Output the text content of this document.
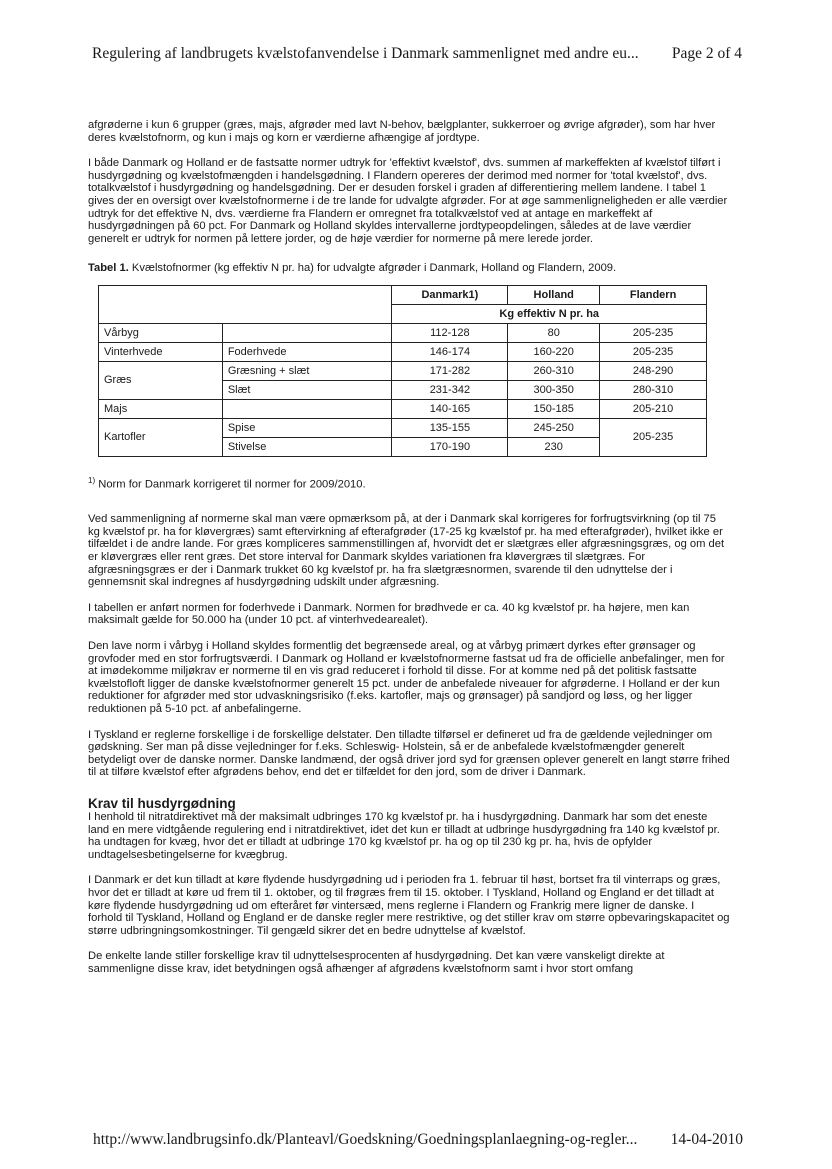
Regulering af landbrugets kvælstofanvendelse i Danmark sammenlignet med andre eu... Page 2 of 4

afgrøderne i kun 6 grupper (græs, majs, afgrøder med lavt N-behov, bælgplanter, sukkerroer og øvrige afgrøder), som har hver deres kvælstofnorm, og kun i majs og korn er værdierne afhængige af jordtype.

I både Danmark og Holland er de fastsatte normer udtryk for 'effektivt kvælstof', dvs. summen af markeffekten af kvælstof tilført i husdyrgødning og kvælstofmængden i handelsgødning. I Flandern opereres der derimod med normer for 'total kvælstof', dvs. totalkvælstof i husdyrgødning og handelsgødning. Der er desuden forskel i graden af differentiering mellem landene. I tabel 1 gives der en oversigt over kvælstofnormerne i de tre lande for udvalgte afgrøder. For at øge sammenligneligheden er alle værdier udtryk for det effektive N, dvs. værdierne fra Flandern er omregnet fra totalkvælstof ved at antage en markeffekt af husdyrgødningen på 60 pct. For Danmark og Holland skyldes intervallerne jordtypeopdelingen, således at de lave værdier generelt er udtryk for normen på lettere jorder, og de høje værdier for normerne på mere lerede jorder.

Tabel 1. Kvælstofnormer (kg effektiv N pr. ha) for udvalgte afgrøder i Danmark, Holland og Flandern, 2009.
		Danmark1)	Holland	Flandern
		Kg effektiv N pr. ha		
Vårbyg		112-128	80	205-235
Vinterhvede	Foderhvede	146-174	160-220	205-235
Græs	Græsning + slæt	171-282	260-310	248-290
	Slæt	231-342	300-350	280-310
Majs		140-165	150-185	205-210
Kartofler	Spise	135-155	245-250	205-235
	Stivelse	170-190	230	
$^{1)}$ Norm for Danmark korrigeret til normer for 2009/2010.

Ved sammenligning af normerne skal man være opmærksom på, at der i Danmark skal korrigeres for forfrugtsvirkning (op til 75 kg kvælstof pr. ha for kløvergræs) samt eftervirkning af efterafgrøder (17-25 kg kvælstof pr. ha med efterafgrøder), hvilket ikke er tilfældet i de andre lande. For græs kompliceres sammenstillingen af, hvorvidt det er slætgræs eller afgræsningsgræs, og om det er kløvergræs eller rent græs. Det store interval for Danmark skyldes variationen fra kløvergræs til slætgræs. For afgræsningsgræs er der i Danmark trukket 60 kg kvælstof pr. ha fra slætgræsnormen, svarende til den udnyttelse der i gennemsnit skal indregnes af husdyrgødning udskilt under afgræsning.

I tabellen er anført normen for foderhvede i Danmark. Normen for brødhvede er ca. 40 kg kvælstof pr. ha højere, men kan maksimalt gælde for 50.000 ha (under 10 pct. af vinterhvedearealet).

Den lave norm i vårbyg i Holland skyldes formentlig det begrænsede areal, og at vårbyg primært dyrkes efter grønsager og grovfoder med en stor forfrugtsværdi. I Danmark og Holland er kvælstofnormerne fastsat ud fra de officielle anbefalinger, men for at imødekomme miljøkrav er normerne til en vis grad reduceret i forhold til disse. For at komme ned på det politisk fastsatte kvælstofloft ligger de danske kvælstofnormer generelt 15 pct. under de anbefalede niveauer for afgrøderne. I Holland er der kun reduktioner for afgrøder med stor udvaskningsrisiko (f.eks. kartofler, majs og grønsager) på sandjord og løss, og her ligger reduktionen på 5-10 pct. af anbefalingerne.

I Tyskland er reglerne forskellige i de forskellige delstater. Den tilladte tilførsel er defineret ud fra de gældende vejledninger om gødskning. Ser man på disse vejledninger for f.eks. Schleswig- Holstein, så er de anbefalede kvælstofmængder generelt betydeligt over de danske normer. Danske landmænd, der også driver jord syd for grænsen oplever generelt en langt større frihed til at tilføre kvælstof efter afgrødens behov, end det er tilfældet for den jord, som de driver i Danmark.

Krav til husdyrgødning

I henhold til nitratdirektivet må der maksimalt udbringes 170 kg kvælstof pr. ha i husdyrgødning. Danmark har som det eneste land en mere vidtgående regulering end i nitratdirektivet, idet det kun er tilladt at udbringe husdyrgødning fra 140 kg kvælstof pr. ha undtagen for kvæg, hvor det er tilladt at udbringe 170 kg kvælstof pr. ha og op til 230 kg pr. ha, hvis de opfylder undtagelsesbetingelserne for kvægbrug.

I Danmark er det kun tilladt at køre flydende husdyrgødning ud i perioden fra 1. februar til høst, bortset fra til vinterraps og græs, hvor det er tilladt at køre ud frem til 1. oktober, og til frøgræs frem til 15. oktober. I Tyskland, Holland og England er det tilladt at køre flydende husdyrgødning ud om efteråret før vintersæd, mens reglerne i Flandern og Frankrig mere ligner de danske. I forhold til Tyskland, Holland og England er de danske regler mere restriktive, og det stiller krav om større opbevaringskapacitet og større udbringningsomkostninger. Til gengæld sikrer det en bedre udnyttelse af kvælstof.

De enkelte lande stiller forskellige krav til udnyttelsesprocenten af husdyrgødning. Det kan være vanskeligt direkte at sammenligne disse krav, idet betydningen også afhænger af afgrødens kvælstofnorm samt i hvor stort omfang

http://www.landbrugsinfo.dk/Planteavl/Goedskning/Goedningsplanlaegning-og-regler... 14-04-2010
